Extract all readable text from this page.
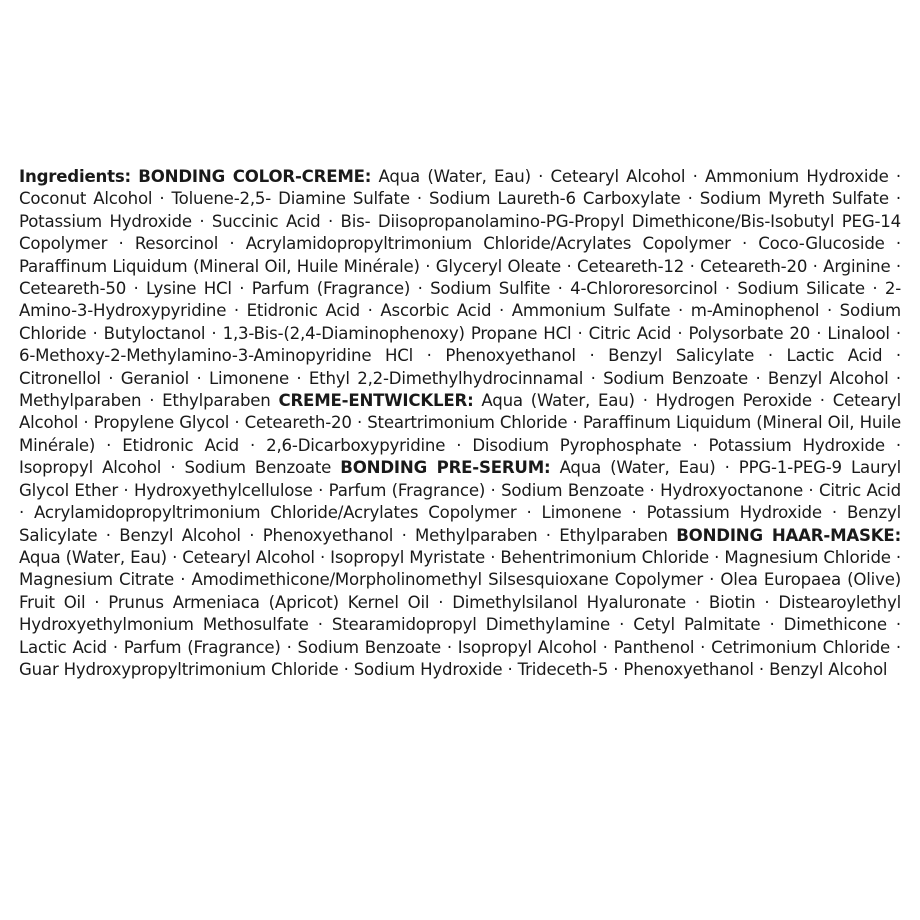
Ingredients: BONDING COLOR-CREME: Aqua (Water, Eau) · Cetearyl Alcohol · Ammonium Hydroxide · Coconut Alcohol · Toluene-2,5- Diamine Sulfate · Sodium Laureth-6 Carboxylate · Sodium Myreth Sulfate · Potassium Hydroxide · Succinic Acid · Bis- Diisopropanolamino-PG-Propyl Dimethicone/Bis-Isobutyl PEG-14 Copolymer · Resorcinol · Acrylamidopropyltrimonium Chloride/Acrylates Copolymer · Coco-Glucoside · Paraffinum Liquidum (Mineral Oil, Huile Minérale) · Glyceryl Oleate · Ceteareth-12 · Ceteareth-20 · Arginine · Ceteareth-50 · Lysine HCl · Parfum (Fragrance) · Sodium Sulfite · 4-Chlororesorcinol · Sodium Silicate · 2-Amino-3-Hydroxypyridine · Etidronic Acid · Ascorbic Acid · Ammonium Sulfate · m-Aminophenol · Sodium Chloride · Butyloctanol · 1,3-Bis-(2,4-Diaminophenoxy) Propane HCl · Citric Acid · Polysorbate 20 · Linalool · 6-Methoxy-2-Methylamino-3-Aminopyridine HCl · Phenoxyethanol · Benzyl Salicylate · Lactic Acid · Citronellol · Geraniol · Limonene · Ethyl 2,2-Dimethylhydrocinnamal · Sodium Benzoate · Benzyl Alcohol · Methylparaben · Ethylparaben CREME-ENTWICKLER: Aqua (Water, Eau) · Hydrogen Peroxide · Cetearyl Alcohol · Propylene Glycol · Ceteareth-20 · Steartrimonium Chloride · Paraffinum Liquidum (Mineral Oil, Huile Minérale) · Etidronic Acid · 2,6-Dicarboxypyridine · Disodium Pyrophosphate · Potassium Hydroxide · Isopropyl Alcohol · Sodium Benzoate BONDING PRE-SERUM: Aqua (Water, Eau) · PPG-1-PEG-9 Lauryl Glycol Ether · Hydroxyethylcellulose · Parfum (Fragrance) · Sodium Benzoate · Hydroxyoctanone · Citric Acid · Acrylamidopropyltrimonium Chloride/Acrylates Copolymer · Limonene · Potassium Hydroxide · Benzyl Salicylate · Benzyl Alcohol · Phenoxyethanol · Methylparaben · Ethylparaben BONDING HAAR-MASKE: Aqua (Water, Eau) · Cetearyl Alcohol · Isopropyl Myristate · Behentrimonium Chloride · Magnesium Chloride · Magnesium Citrate · Amodimethicone/Morpholinomethyl Silsesquioxane Copolymer · Olea Europaea (Olive) Fruit Oil · Prunus Armeniaca (Apricot) Kernel Oil · Dimethylsilanol Hyaluronate · Biotin · Distearoylethyl Hydroxyethylmonium Methosulfate · Stearamidopropyl Dimethylamine · Cetyl Palmitate · Dimethicone · Lactic Acid · Parfum (Fragrance) · Sodium Benzoate · Isopropyl Alcohol · Panthenol · Cetrimonium Chloride · Guar Hydroxypropyltrimonium Chloride · Sodium Hydroxide · Trideceth-5 · Phenoxyethanol · Benzyl Alcohol
